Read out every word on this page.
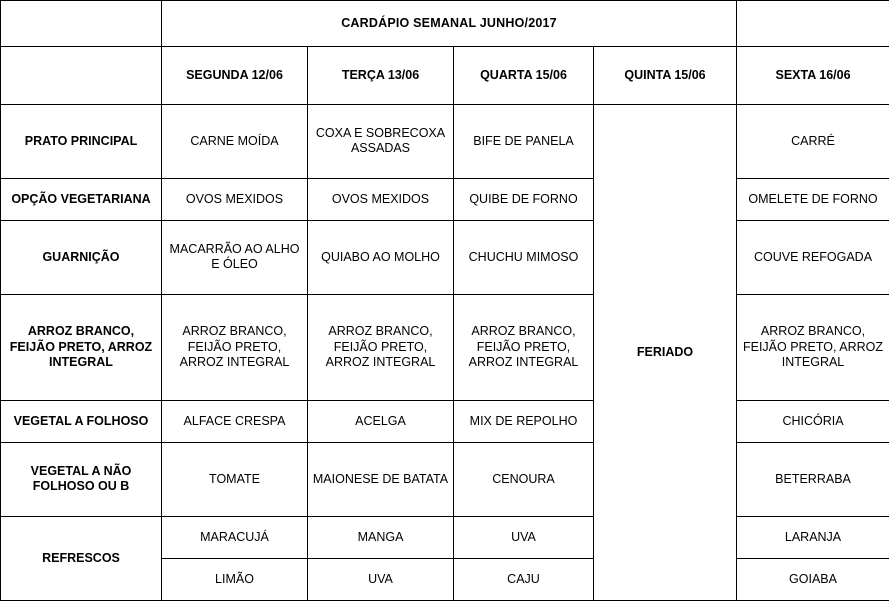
	CARDÁPIO SEMANAL JUNHO/2017				
	SEGUNDA 12/06	TERÇA 13/06	QUARTA 15/06	QUINTA 15/06	SEXTA 16/06
PRATO PRINCIPAL	CARNE MOÍDA	COXA E SOBRECOXA ASSADAS	BIFE DE PANELA	FERIADO	CARRÉ
OPÇÃO VEGETARIANA	OVOS MEXIDOS	OVOS MEXIDOS	QUIBE DE FORNO		OMELETE DE FORNO
GUARNIÇÃO	MACARRÃO AO ALHO E ÓLEO	QUIABO AO MOLHO	CHUCHU MIMOSO		COUVE REFOGADA
ARROZ BRANCO, FEIJÃO PRETO, ARROZ INTEGRAL	ARROZ BRANCO, FEIJÃO PRETO, ARROZ INTEGRAL	ARROZ BRANCO, FEIJÃO PRETO, ARROZ INTEGRAL	ARROZ BRANCO, FEIJÃO PRETO, ARROZ INTEGRAL		ARROZ BRANCO, FEIJÃO PRETO, ARROZ INTEGRAL
VEGETAL A FOLHOSO	ALFACE CRESPA	ACELGA	MIX DE REPOLHO		CHICÓRIA
VEGETAL A NÃO FOLHOSO OU B	TOMATE	MAIONESE DE BATATA	CENOURA		BETERRABA
REFRESCOS	MARACUJÁ	MANGA	UVA		LARANJA
	LIMÃO	UVA	CAJU		GOIABA
